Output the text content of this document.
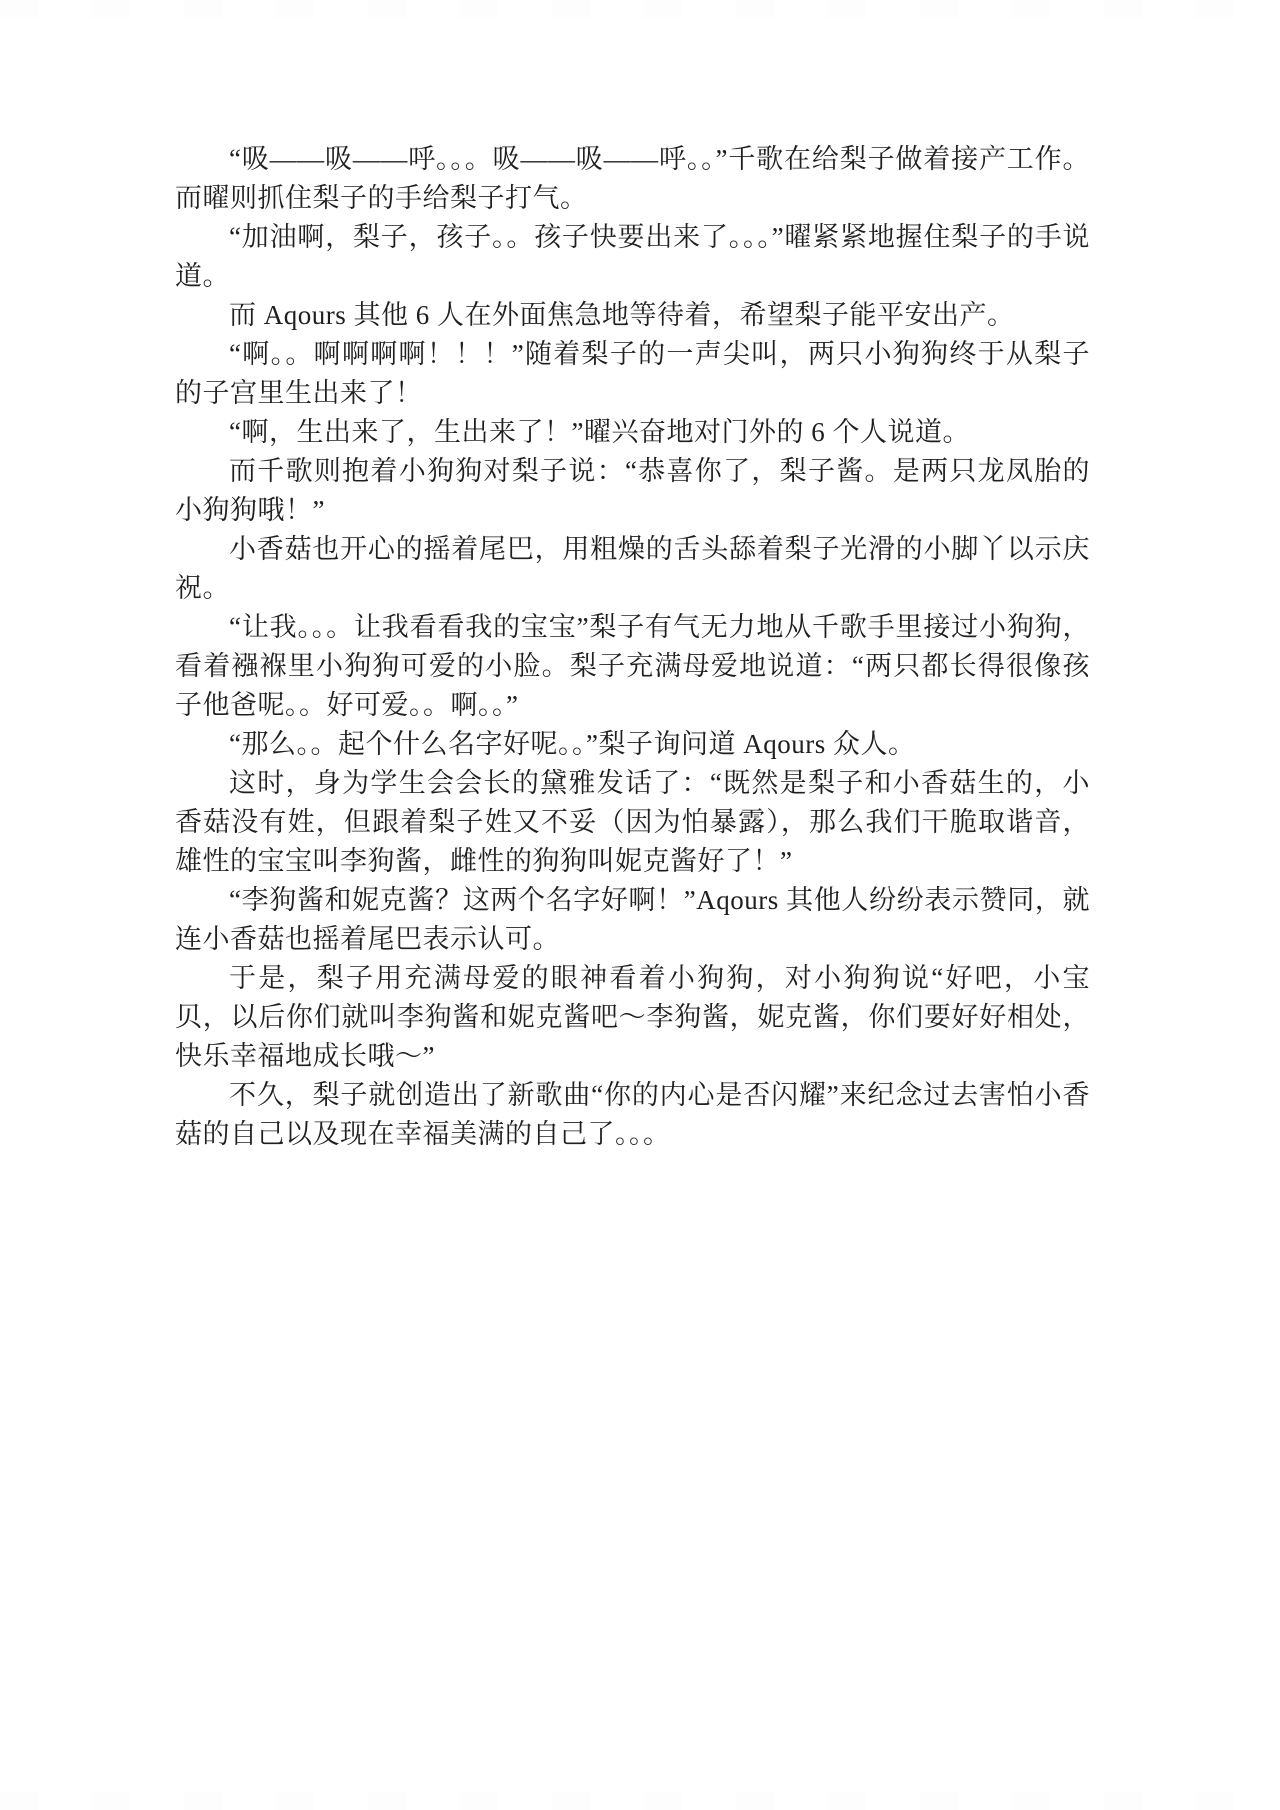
“吸——吸——呼。。。吸——吸——呼。。”千歌在给梨子做着接产工作。而曜则抓住梨子的手给梨子打气。

“加油啊，梨子，孩子。。孩子快要出来了。。。”曜紧紧地握住梨子的手说道。

而 Aqours 其他 6 人在外面焦急地等待着，希望梨子能平安出产。

“啊。。啊啊啊啊！！！”随着梨子的一声尖叫，两只小狗狗终于从梨子的子宫里生出来了！

“啊，生出来了，生出来了！”曜兴奋地对门外的 6 个人说道。

而千歌则抱着小狗狗对梨子说：“恭喜你了，梨子酱。是两只龙凤胎的小狗狗哦！”

小香菇也开心的摇着尾巴，用粗燥的舌头舔着梨子光滑的小脚丫以示庆祝。

“让我。。。让我看看我的宝宝”梨子有气无力地从千歌手里接过小狗狗，看着襁褓里小狗狗可爱的小脸。梨子充满母爱地说道：“两只都长得很像孩子他爸呢。。好可爱。。啊。。”

“那么。。起个什么名字好呢。。”梨子询问道 Aqours 众人。

这时，身为学生会会长的黛雅发话了：“既然是梨子和小香菇生的，小香菇没有姓，但跟着梨子姓又不妥（因为怕暴露），那么我们干脆取谐音，雄性的宝宝叫李狗酱，雌性的狗狗叫妮克酱好了！”

“李狗酱和妮克酱？这两个名字好啊！”Aqours 其他人纷纷表示赞同，就连小香菇也摇着尾巴表示认可。

于是，梨子用充满母爱的眼神看着小狗狗，对小狗狗说“好吧，小宝贝，以后你们就叫李狗酱和妮克酱吧～李狗酱，妮克酱，你们要好好相处，快乐幸福地成长哦～”

不久，梨子就创造出了新歌曲“你的内心是否闪耀”来纪念过去害怕小香菇的自己以及现在幸福美满的自己了。。。
